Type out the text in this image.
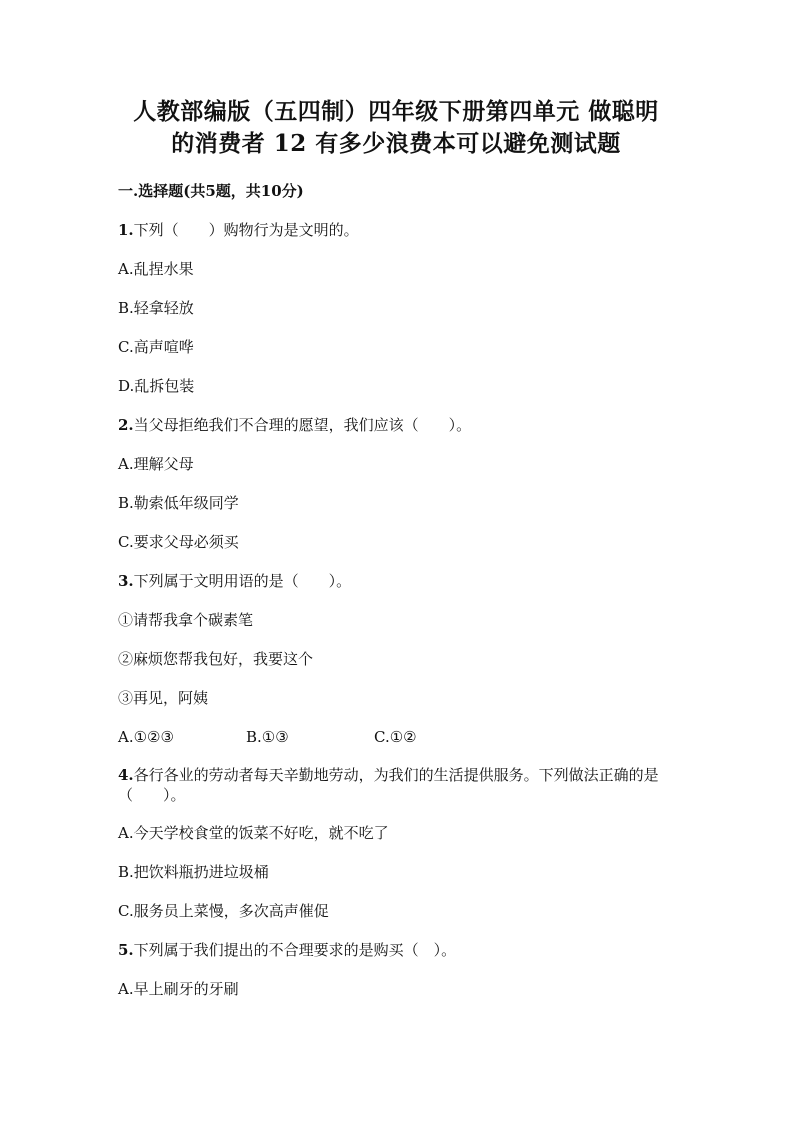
人教部编版（五四制）四年级下册第四单元 做聪明
的消费者 12 有多少浪费本可以避免测试题
一.选择题(共5题，共10分)
1.下列（　　）购物行为是文明的。
A.乱捏水果
B.轻拿轻放
C.高声喧哗
D.乱拆包装
2.当父母拒绝我们不合理的愿望，我们应该（　　）。
A.理解父母
B.勒索低年级同学
C.要求父母必须买
3.下列属于文明用语的是（　　）。
①请帮我拿个碳素笔
②麻烦您帮我包好，我要这个
③再见，阿姨
A.①②③	B.①③	C.①②
4.各行各业的劳动者每天辛勤地劳动，为我们的生活提供服务。下列做法正确的是（　　）。
A.今天学校食堂的饭菜不好吃，就不吃了
B.把饮料瓶扔进垃圾桶
C.服务员上菜慢，多次高声催促
5.下列属于我们提出的不合理要求的是购买（　）。
A.早上刷牙的牙刷
